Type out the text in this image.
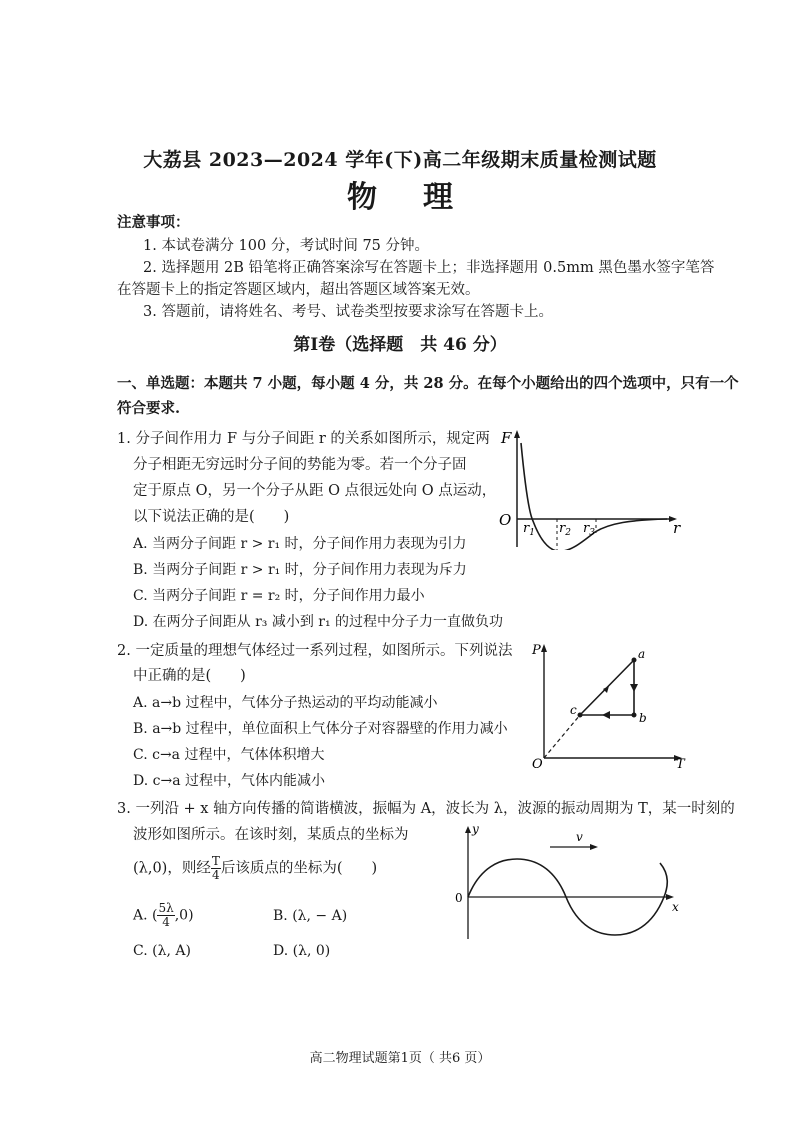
大荔县 2023—2024 学年(下)高二年级期末质量检测试题
物理
注意事项：
1. 本试卷满分 100 分，考试时间 75 分钟。
2. 选择题用 2B 铅笔将正确答案涂写在答题卡上；非选择题用 0.5mm 黑色墨水签字笔答
在答题卡上的指定答题区域内，超出答题区域答案无效。
3. 答题前，请将姓名、考号、试卷类型按要求涂写在答题卡上。
第Ⅰ卷（选择题　共 46 分）
一、单选题：本题共 7 小题，每小题 4 分，共 28 分。在每个小题给出的四个选项中，只有一个
符合要求.
1. 分子间作用力 F 与分子间距 r 的关系如图所示，规定两
分子相距无穷远时分子间的势能为零。若一个分子固
定于原点 O，另一个分子从距 O 点很远处向 O 点运动，
以下说法正确的是(　　)
A. 当两分子间距 r > r₁ 时，分子间作用力表现为引力
B. 当两分子间距 r > r₁ 时，分子间作用力表现为斥力
C. 当两分子间距 r = r₂ 时，分子间作用力最小
D. 在两分子间距从 r₃ 减小到 r₁ 的过程中分子力一直做负功
F
O	r
$r_1$ $r_2$ $r_3$
2. 一定质量的理想气体经过一系列过程，如图所示。下列说法
中正确的是(　　)
A. a→b 过程中，气体分子热运动的平均动能减小
B. a→b 过程中，单位面积上气体分子对容器壁的作用力减小
C. c→a 过程中，气体体积增大
D. c→a 过程中，气体内能减小
P
O	T
a
b
c
3. 一列沿 + x 轴方向传播的简谐横波，振幅为 A，波长为 λ，波源的振动周期为 T，某一时刻的
波形如图所示。在该时刻，某质点的坐标为
(λ,0)，则经 $\frac{T}{4}$ 后该质点的坐标为(　　)
A. ( $\frac{5\lambda}{4} ,0$)	B. (λ, − A)
C. (λ, A)	D. (λ, 0)
y
0
x
v
高二物理试题第1页（ 共6 页）
